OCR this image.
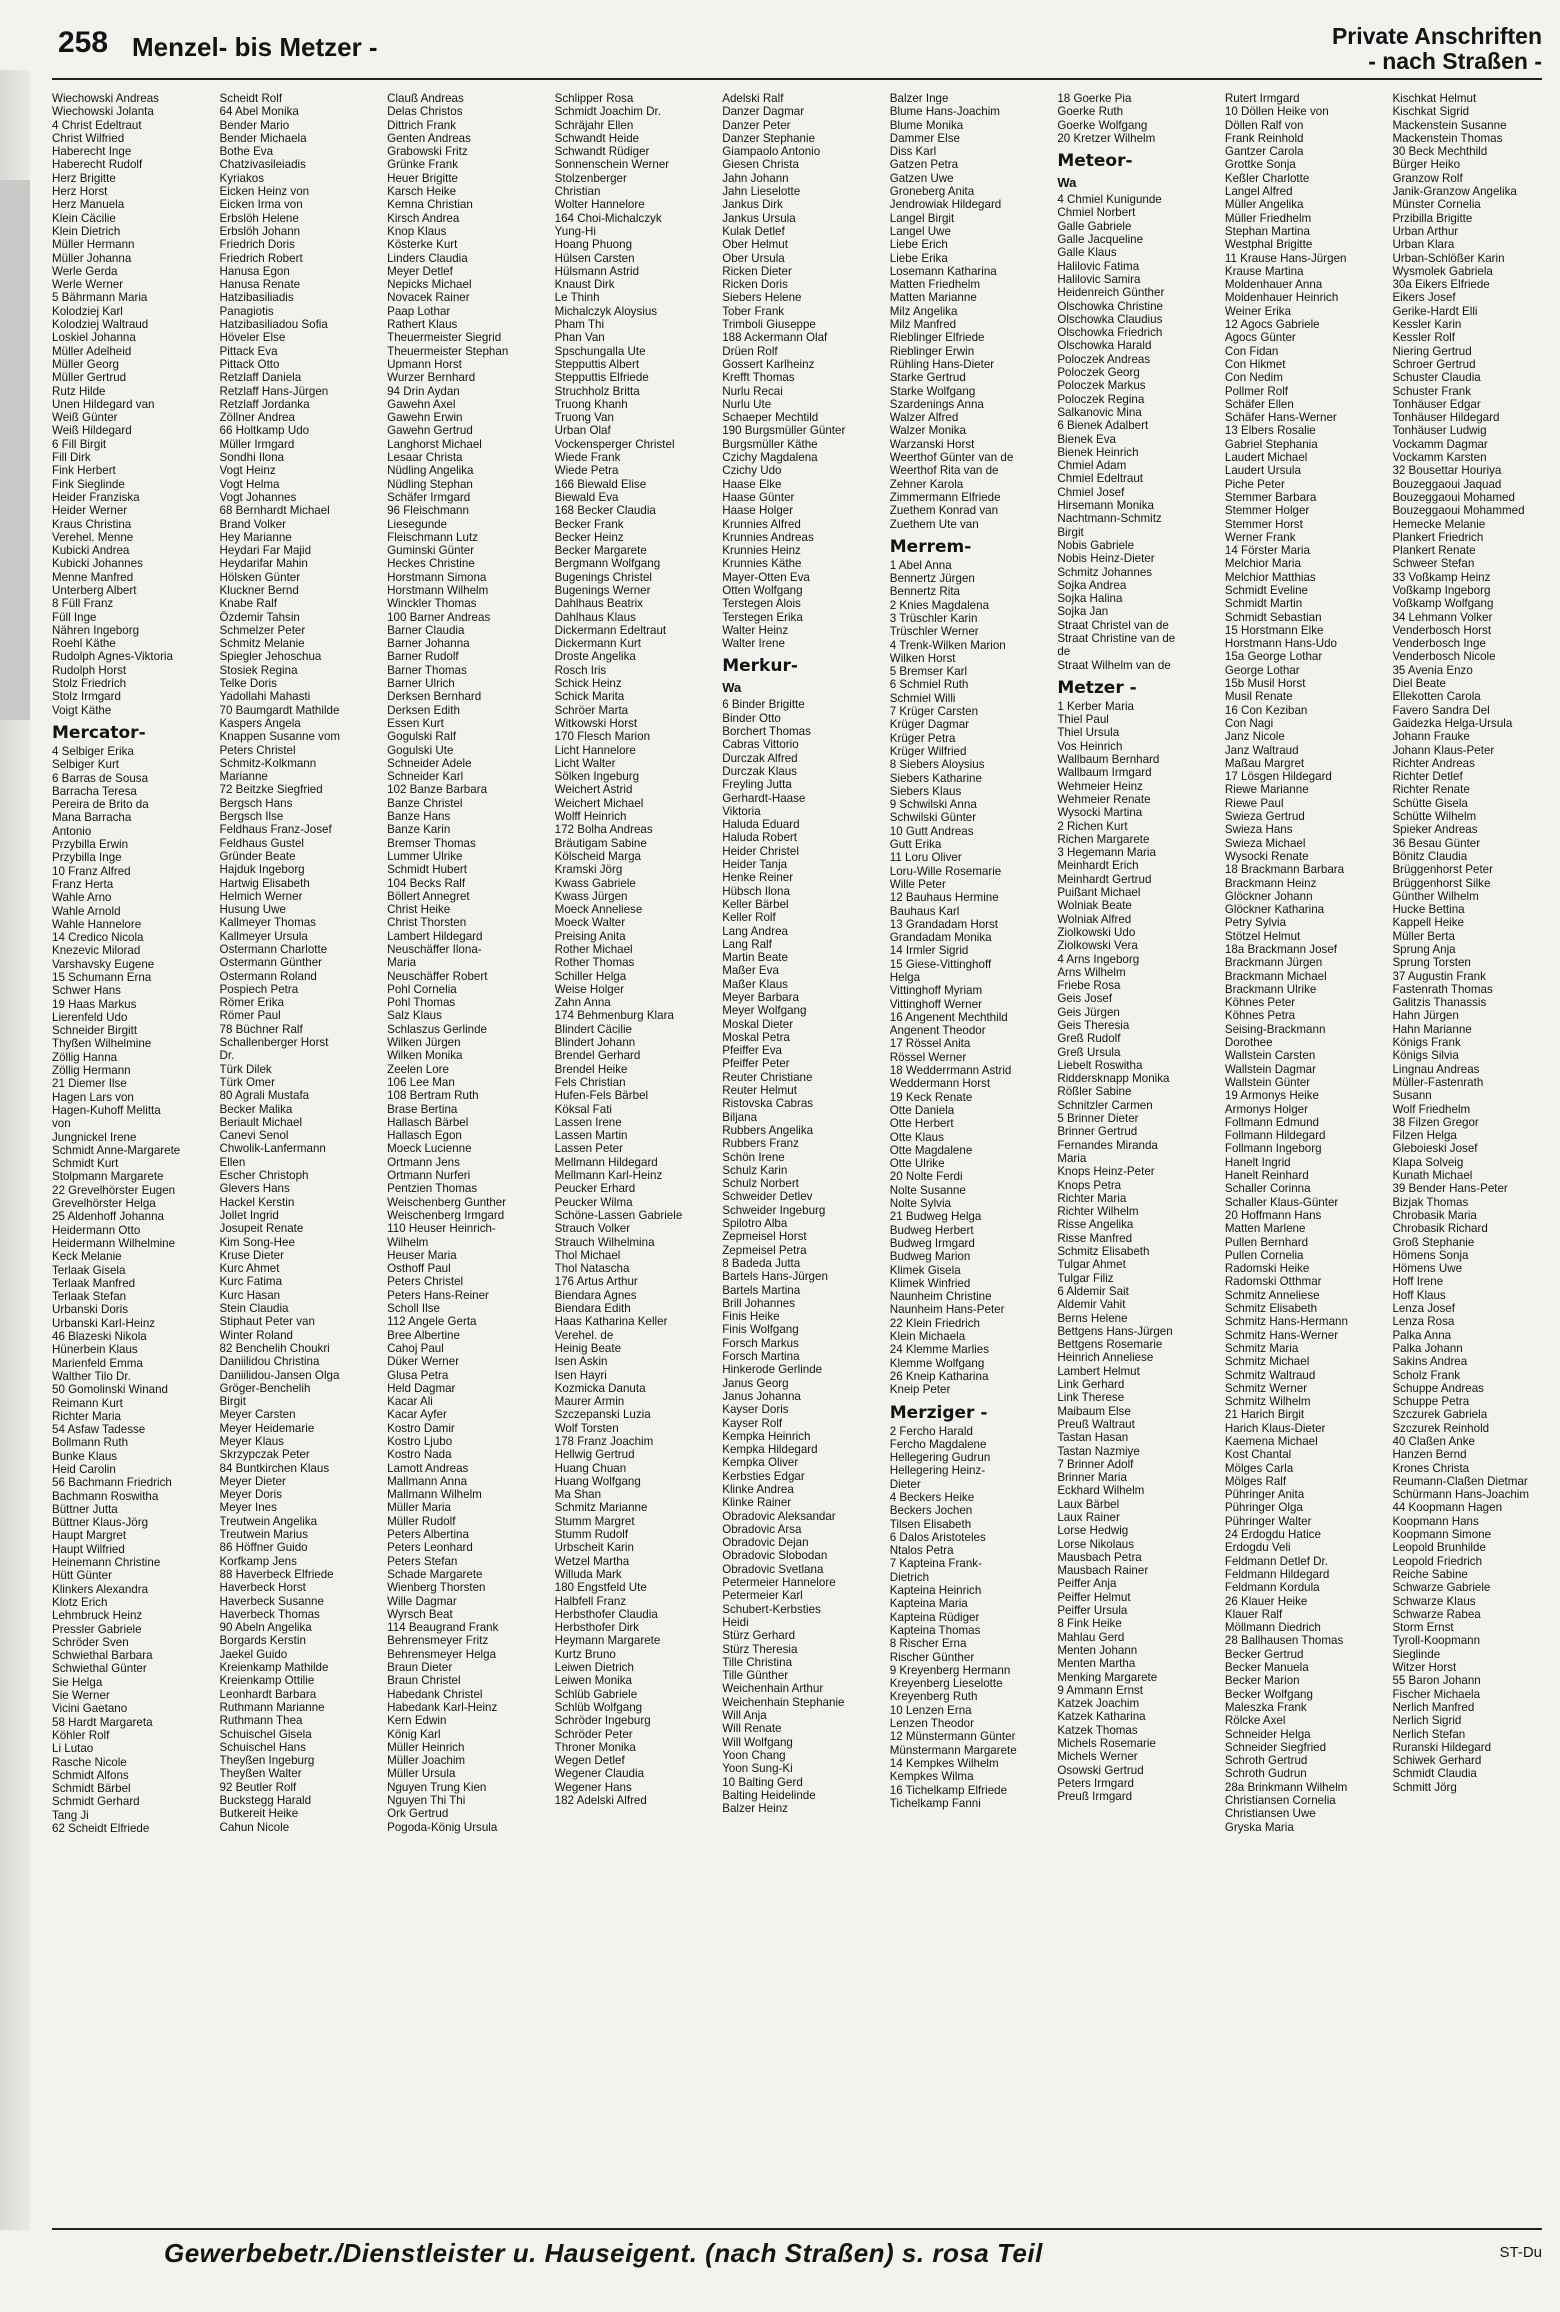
258 Menzel- bis Metzer -	Private Anschriften
- nach Straßen -
Wiechowski Andreas
Wiechowski Jolanta
4 Christ Edeltraut
Christ Wilfried
Haberecht Inge
Haberecht Rudolf
Herz Brigitte
Herz Horst
Herz Manuela
Klein Cäcilie
Klein Dietrich
Müller Hermann
Müller Johanna
Werle Gerda
Werle Werner
5 Bährmann Maria
Kolodziej Karl
Kolodziej Waltraud
Loskiel Johanna
Müller Adelheid
Müller Georg
Müller Gertrud
Rutz Hilde
Unen Hildegard van
Weiß Günter
Weiß Hildegard
6 Fill Birgit
Fill Dirk
Fink Herbert
Fink Sieglinde
Heider Franziska
Heider Werner
Kraus Christina
Verehel. Menne
Kubicki Andrea
Kubicki Johannes
Menne Manfred
Unterberg Albert
8 Füll Franz
Füll Inge
Nähren Ingeborg
Roehl Käthe
Rudolph Agnes-Viktoria
Rudolph Horst
Stolz Friedrich
Stolz Irmgard
Voigt Käthe
Mercator-
4 Selbiger Erika
Selbiger Kurt
6 Barras de Sousa
Barracha Teresa
Pereira de Brito da
Mana Barracha
Antonio
Przybilla Erwin
Przybilla Inge
10 Franz Alfred
Franz Herta
Wahle Arno
Wahle Arnold
Wahle Hannelore
14 Credico Nicola
Knezevic Milorad
Varshavsky Eugene
15 Schumann Erna
Schwer Hans
19 Haas Markus
Lierenfeld Udo
Schneider Birgitt
Thyßen Wilhelmine
Zöllig Hanna
Zöllig Hermann
21 Diemer Ilse
Hagen Lars von
Hagen-Kuhoff Melitta
von
Jungnickel Irene
Schmidt Anne-Margarete
Schmidt Kurt
Stolpmann Margarete
22 Grevelhörster Eugen
Grevelhörster Helga
25 Aldenhoff Johanna
Heidermann Otto
Heidermann Wilhelmine
Keck Melanie
Terlaak Gisela
Terlaak Manfred
Terlaak Stefan
Urbanski Doris
Urbanski Karl-Heinz
46 Blazeski Nikola
Hünerbein Klaus
Marienfeld Emma
Walther Tilo Dr.
50 Gomolinski Winand
Reimann Kurt
Richter Maria
54 Asfaw Tadesse
Bollmann Ruth
Bunke Klaus
Heid Carolin
56 Bachmann Friedrich
Bachmann Roswitha
Büttner Jutta
Büttner Klaus-Jörg
Haupt Margret
Haupt Wilfried
Heinemann Christine
Hütt Günter
Klinkers Alexandra
Klotz Erich
Lehmbruck Heinz
Pressler Gabriele
Schröder Sven
Schwiethal Barbara
Schwiethal Günter
Sie Helga
Sie Werner
Vicini Gaetano
58 Hardt Margareta
Köhler Rolf
Li Lutao
Rasche Nicole
Schmidt Alfons
Schmidt Bärbel
Schmidt Gerhard
Tang Ji
62 Scheidt Elfriede
Scheidt Rolf
64 Abel Monika
Bender Mario
Bender Michaela
Bothe Eva
Chatzivasileiadis
Kyriakos
Eicken Heinz von
Eicken Irma von
Erbslöh Helene
Erbslöh Johann
Friedrich Doris
Friedrich Robert
Hanusa Egon
Hanusa Renate
Hatzibasiliadis
Panagiotis
Hatzibasiliadou Sofia
Höveler Else
Pittack Eva
Pittack Otto
Retzlaff Daniela
Retzlaff Hans-Jürgen
Retzlaff Jordanka
Zöllner Andrea
66 Holtkamp Udo
Müller Irmgard
Sondhi Ilona
Vogt Heinz
Vogt Helma
Vogt Johannes
68 Bernhardt Michael
Brand Volker
Hey Marianne
Heydari Far Majid
Heydarifar Mahin
Hölsken Günter
Kluckner Bernd
Knabe Ralf
Özdemir Tahsin
Schmelzer Peter
Schmitz Melanie
Spiegler Jehoschua
Stosiek Regina
Telke Doris
Yadollahi Mahasti
70 Baumgardt Mathilde
Kaspers Angela
Knappen Susanne vom
Peters Christel
Schmitz-Kolkmann
Marianne
72 Beitzke Siegfried
Bergsch Hans
Bergsch Ilse
Feldhaus Franz-Josef
Feldhaus Gustel
Gründer Beate
Hajduk Ingeborg
Hartwig Elisabeth
Helmich Werner
Husung Uwe
Kallmeyer Thomas
Kallmeyer Ursula
Ostermann Charlotte
Ostermann Günther
Ostermann Roland
Pospiech Petra
Römer Erika
Römer Paul
78 Büchner Ralf
Schallenberger Horst
Dr.
Türk Dilek
Türk Omer
80 Agrali Mustafa
Becker Malika
Beriault Michael
Canevi Senol
Chwolik-Lanfermann
Ellen
Escher Christoph
Glevers Hans
Hackel Kerstin
Jollet Ingrid
Josupeit Renate
Kim Song-Hee
Kruse Dieter
Kurc Ahmet
Kurc Fatima
Kurc Hasan
Stein Claudia
Stiphaut Peter van
Winter Roland
82 Benchelih Choukri
Daniilidou Christina
Daniilidou-Jansen Olga
Gröger-Benchelih
Birgit
Meyer Carsten
Meyer Heidemarie
Meyer Klaus
Skrzypczak Peter
84 Buntkirchen Klaus
Meyer Dieter
Meyer Doris
Meyer Ines
Treutwein Angelika
Treutwein Marius
86 Höffner Guido
Korfkamp Jens
88 Haverbeck Elfriede
Haverbeck Horst
Haverbeck Susanne
Haverbeck Thomas
90 Abeln Angelika
Borgards Kerstin
Jaekel Guido
Kreienkamp Mathilde
Kreienkamp Ottilie
Leonhardt Barbara
Ruthmann Marianne
Ruthmann Thea
Schuischel Gisela
Schuischel Hans
Theyßen Ingeburg
Theyßen Walter
92 Beutler Rolf
Buckstegg Harald
Butkereit Heike
Cahun Nicole
Clauß Andreas
Delas Christos
Dittrich Frank
Genten Andreas
Grabowski Fritz
Grünke Frank
Heuer Brigitte
Karsch Heike
Kemna Christian
Kirsch Andrea
Knop Klaus
Kösterke Kurt
Linders Claudia
Meyer Detlef
Nepicks Michael
Novacek Rainer
Paap Lothar
Rathert Klaus
Theuermeister Siegrid
Theuermeister Stephan
Upmann Horst
Wurzer Bernhard
94 Drin Aydan
Gawehn Axel
Gawehn Erwin
Gawehn Gertrud
Langhorst Michael
Lesaar Christa
Nüdling Angelika
Nüdling Stephan
Schäfer Irmgard
96 Fleischmann
Liesegunde
Fleischmann Lutz
Guminski Günter
Heckes Christine
Horstmann Simona
Horstmann Wilhelm
Winckler Thomas
100 Barner Andreas
Barner Claudia
Barner Johanna
Barner Rudolf
Barner Thomas
Barner Ulrich
Derksen Bernhard
Derksen Edith
Essen Kurt
Gogulski Ralf
Gogulski Ute
Schneider Adele
Schneider Karl
102 Banze Barbara
Banze Christel
Banze Hans
Banze Karin
Bremser Thomas
Lummer Ulrike
Schmidt Hubert
104 Becks Ralf
Böllert Annegret
Christ Heike
Christ Thorsten
Lambert Hildegard
Neuschäffer Ilona-
Maria
Neuschäffer Robert
Pohl Cornelia
Pohl Thomas
Salz Klaus
Schlaszus Gerlinde
Wilken Jürgen
Wilken Monika
Zeelen Lore
106 Lee Man
108 Bertram Ruth
Brase Bertina
Hallasch Bärbel
Hallasch Egon
Moeck Lucienne
Ortmann Jens
Ortmann Nurferi
Pentzien Thomas
Weischenberg Gunther
Weischenberg Irmgard
110 Heuser Heinrich-
Wilhelm
Heuser Maria
Osthoff Paul
Peters Christel
Peters Hans-Reiner
Scholl Ilse
112 Angele Gerta
Bree Albertine
Cahoj Paul
Düker Werner
Glusa Petra
Held Dagmar
Kacar Ali
Kacar Ayfer
Kostro Damir
Kostro Ljubo
Kostro Nada
Lamott Andreas
Mallmann Anna
Mallmann Wilhelm
Müller Maria
Müller Rudolf
Peters Albertina
Peters Leonhard
Peters Stefan
Schade Margarete
Wienberg Thorsten
Wille Dagmar
Wyrsch Beat
114 Beaugrand Frank
Behrensmeyer Fritz
Behrensmeyer Helga
Braun Dieter
Braun Christel
Habedank Christel
Habedank Karl-Heinz
Kern Edwin
König Karl
Müller Heinrich
Müller Joachim
Müller Ursula
Nguyen Trung Kien
Nguyen Thi Thi
Ork Gertrud
Pogoda-König Ursula
Schlipper Rosa
Schmidt Joachim Dr.
Schräjahr Ellen
Schwandt Heide
Schwandt Rüdiger
Sonnenschein Werner
Stolzenberger
Christian
Wolter Hannelore
164 Choi-Michalczyk
Yung-Hi
Hoang Phuong
Hülsen Carsten
Hülsmann Astrid
Knaust Dirk
Le Thinh
Michalczyk Aloysius
Pham Thi
Phan Van
Spschungalla Ute
Stepputtis Albert
Stepputtis Elfriede
Struchholz Britta
Truong Khanh
Truong Van
Urban Olaf
Vockensperger Christel
Wiede Frank
Wiede Petra
166 Biewald Elise
Biewald Eva
168 Becker Claudia
Becker Frank
Becker Heinz
Becker Margarete
Bergmann Wolfgang
Bugenings Christel
Bugenings Werner
Dahlhaus Beatrix
Dahlhaus Klaus
Dickermann Edeltraut
Dickermann Kurt
Droste Angelika
Rosch Iris
Schick Heinz
Schick Marita
Schröer Marta
Witkowski Horst
170 Flesch Marion
Licht Hannelore
Licht Walter
Sölken Ingeburg
Weichert Astrid
Weichert Michael
Wolff Heinrich
172 Bolha Andreas
Bräutigam Sabine
Kölscheid Marga
Kramski Jörg
Kwass Gabriele
Kwass Jürgen
Moeck Anneliese
Moeck Walter
Preising Anita
Rother Michael
Rother Thomas
Schiller Helga
Weise Holger
Zahn Anna
174 Behmenburg Klara
Blindert Cäcilie
Blindert Johann
Brendel Gerhard
Brendel Heike
Fels Christian
Hufen-Fels Bärbel
Köksal Fati
Lassen Irene
Lassen Martin
Lassen Peter
Mellmann Hildegard
Mellmann Karl-Heinz
Peucker Erhard
Peucker Wilma
Schöne-Lassen Gabriele
Strauch Volker
Strauch Wilhelmina
Thol Michael
Thol Natascha
176 Artus Arthur
Biendara Agnes
Biendara Edith
Haas Katharina Keller
Verehel. de
Heinig Beate
Isen Askin
Isen Hayri
Kozmicka Danuta
Maurer Armin
Szczepanski Luzia
Wolf Torsten
178 Franz Joachim
Hellwig Gertrud
Huang Chuan
Huang Wolfgang
Ma Shan
Schmitz Marianne
Stumm Margret
Stumm Rudolf
Urbscheit Karin
Wetzel Martha
Willuda Mark
180 Engstfeld Ute
Halbfell Franz
Herbsthofer Claudia
Herbsthofer Dirk
Heymann Margarete
Kurtz Bruno
Leiwen Dietrich
Leiwen Monika
Schlüb Gabriele
Schlüb Wolfgang
Schröder Ingeburg
Schröder Peter
Throner Monika
Wegen Detlef
Wegener Claudia
Wegener Hans
182 Adelski Alfred
Adelski Ralf
Danzer Dagmar
Danzer Peter
Danzer Stephanie
Giampaolo Antonio
Giesen Christa
Jahn Johann
Jahn Lieselotte
Jankus Dirk
Jankus Ursula
Kulak Detlef
Ober Helmut
Ober Ursula
Ricken Dieter
Ricken Doris
Siebers Helene
Tober Frank
Trimboli Giuseppe
188 Ackermann Olaf
Drüen Rolf
Gossert Karlheinz
Krefft Thomas
Nurlu Recai
Nurlu Ute
Schaeper Mechtild
190 Burgsmüller Günter
Burgsmüller Käthe
Czichy Magdalena
Czichy Udo
Haase Elke
Haase Günter
Haase Holger
Krunnies Alfred
Krunnies Andreas
Krunnies Heinz
Krunnies Käthe
Mayer-Otten Eva
Otten Wolfgang
Terstegen Alois
Terstegen Erika
Walter Heinz
Walter Irene
Merkur-
Wa
6 Binder Brigitte
Binder Otto
Borchert Thomas
Cabras Vittorio
Durczak Alfred
Durczak Klaus
Freyling Jutta
Gerhardt-Haase
Viktoria
Haluda Eduard
Haluda Robert
Heider Christel
Heider Tanja
Henke Reiner
Hübsch Ilona
Keller Bärbel
Keller Rolf
Lang Andrea
Lang Ralf
Martin Beate
Maßer Eva
Maßer Klaus
Meyer Barbara
Meyer Wolfgang
Moskal Dieter
Moskal Petra
Pfeiffer Eva
Pfeiffer Peter
Reuter Christiane
Reuter Helmut
Ristovska Cabras
Biljana
Rubbers Angelika
Rubbers Franz
Schön Irene
Schulz Karin
Schulz Norbert
Schweider Detlev
Schweider Ingeburg
Spilotro Alba
Zepmeisel Horst
Zepmeisel Petra
8 Badeda Jutta
Bartels Hans-Jürgen
Bartels Martina
Brill Johannes
Finis Heike
Finis Wolfgang
Forsch Markus
Forsch Martina
Hinkerode Gerlinde
Janus Georg
Janus Johanna
Kayser Doris
Kayser Rolf
Kempka Heinrich
Kempka Hildegard
Kempka Oliver
Kerbsties Edgar
Klinke Andrea
Klinke Rainer
Obradovic Aleksandar
Obradovic Arsa
Obradovic Dejan
Obradovic Slobodan
Obradovic Svetlana
Petermeier Hannelore
Petermeier Karl
Schubert-Kerbsties
Heidi
Stürz Gerhard
Stürz Theresia
Tille Christina
Tille Günther
Weichenhain Arthur
Weichenhain Stephanie
Will Anja
Will Renate
Will Wolfgang
Yoon Chang
Yoon Sung-Ki
10 Balting Gerd
Balting Heidelinde
Balzer Heinz
Balzer Inge
Blume Hans-Joachim
Blume Monika
Dammer Else
Diss Karl
Gatzen Petra
Gatzen Uwe
Groneberg Anita
Jendrowiak Hildegard
Langel Birgit
Langel Uwe
Liebe Erich
Liebe Erika
Losemann Katharina
Matten Friedhelm
Matten Marianne
Milz Angelika
Milz Manfred
Rieblinger Elfriede
Rieblinger Erwin
Rühling Hans-Dieter
Starke Gertrud
Starke Wolfgang
Szardenings Anna
Walzer Alfred
Walzer Monika
Warzanski Horst
Weerthof Günter van de
Weerthof Rita van de
Zehner Karola
Zimmermann Elfriede
Zuethem Konrad van
Zuethem Ute van
Merrem-
1 Abel Anna
Bennertz Jürgen
Bennertz Rita
2 Knies Magdalena
3 Trüschler Karin
Trüschler Werner
4 Trenk-Wilken Marion
Wilken Horst
5 Bremser Karl
6 Schmiel Ruth
Schmiel Willi
7 Krüger Carsten
Krüger Dagmar
Krüger Petra
Krüger Wilfried
8 Siebers Aloysius
Siebers Katharine
Siebers Klaus
9 Schwilski Anna
Schwilski Günter
10 Gutt Andreas
Gutt Erika
11 Loru Oliver
Loru-Wille Rosemarie
Wille Peter
12 Bauhaus Hermine
Bauhaus Karl
13 Grandadam Horst
Grandadam Monika
14 Irmler Sigrid
15 Giese-Vittinghoff
Helga
Vittinghoff Myriam
Vittinghoff Werner
16 Angenent Mechthild
Angenent Theodor
17 Rössel Anita
Rössel Werner
18 Wedderrmann Astrid
Weddermann Horst
19 Keck Renate
Otte Daniela
Otte Herbert
Otte Klaus
Otte Magdalene
Otte Ulrike
20 Nolte Ferdi
Nolte Susanne
Nolte Sylvia
21 Budweg Helga
Budweg Herbert
Budweg Irmgard
Budweg Marion
Klimek Gisela
Klimek Winfried
Naunheim Christine
Naunheim Hans-Peter
22 Klein Friedrich
Klein Michaela
24 Klemme Marlies
Klemme Wolfgang
26 Kneip Katharina
Kneip Peter
Merziger -
2 Fercho Harald
Fercho Magdalene
Hellegering Gudrun
Hellegering Heinz-
Dieter
4 Beckers Heike
Beckers Jochen
Tilsen Elisabeth
6 Dalos Aristoteles
Ntalos Petra
7 Kapteina Frank-
Dietrich
Kapteina Heinrich
Kapteina Maria
Kapteina Rüdiger
Kapteina Thomas
8 Rischer Erna
Rischer Günther
9 Kreyenberg Hermann
Kreyenberg Lieselotte
Kreyenberg Ruth
10 Lenzen Erna
Lenzen Theodor
12 Münstermann Günter
Münstermann Margarete
14 Kempkes Wilhelm
Kempkes Wilma
16 Tichelkamp Elfriede
Tichelkamp Fanni
18 Goerke Pia
Goerke Ruth
Goerke Wolfgang
20 Kretzer Wilhelm
Meteor-
Wa
4 Chmiel Kunigunde
Chmiel Norbert
Galle Gabriele
Galle Jacqueline
Galle Klaus
Halilovic Fatima
Halilovic Samira
Heidenreich Günther
Olschowka Christine
Olschowka Claudius
Olschowka Friedrich
Olschowka Harald
Poloczek Andreas
Poloczek Georg
Poloczek Markus
Poloczek Regina
Salkanovic Mina
6 Bienek Adalbert
Bienek Eva
Bienek Heinrich
Chmiel Adam
Chmiel Edeltraut
Chmiel Josef
Hirsemann Monika
Nachtmann-Schmitz
Birgit
Nobis Gabriele
Nobis Heinz-Dieter
Schmitz Johannes
Sojka Andrea
Sojka Halina
Sojka Jan
Straat Christel van de
Straat Christine van de
de
Straat Wilhelm van de
Metzer -
1 Kerber Maria
Thiel Paul
Thiel Ursula
Vos Heinrich
Wallbaum Bernhard
Wallbaum Irmgard
Wehmeier Heinz
Wehmeier Renate
Wysocki Martina
2 Richen Kurt
Richen Margarete
3 Hegemann Maria
Meinhardt Erich
Meinhardt Gertrud
Puißant Michael
Wolniak Beate
Wolniak Alfred
Ziolkowski Udo
Ziolkowski Vera
4 Arns Ingeborg
Arns Wilhelm
Friebe Rosa
Geis Josef
Geis Jürgen
Geis Theresia
Greß Rudolf
Greß Ursula
Liebelt Roswitha
Riddersknapp Monika
Rößler Sabine
Schnitzler Carmen
5 Brinner Dieter
Brinner Gertrud
Fernandes Miranda
Maria
Knops Heinz-Peter
Knops Petra
Richter Maria
Richter Wilhelm
Risse Angelika
Risse Manfred
Schmitz Elisabeth
Tulgar Ahmet
Tulgar Filiz
6 Aldemir Sait
Aldemir Vahit
Berns Helene
Bettgens Hans-Jürgen
Bettgens Rosemarie
Heinrich Anneliese
Lambert Helmut
Link Gerhard
Link Therese
Maibaum Else
Preuß Waltraut
Tastan Hasan
Tastan Nazmiye
7 Brinner Adolf
Brinner Maria
Eckhard Wilhelm
Laux Bärbel
Laux Rainer
Lorse Hedwig
Lorse Nikolaus
Mausbach Petra
Mausbach Rainer
Peiffer Anja
Peiffer Helmut
Peiffer Ursula
8 Fink Heike
Mahlau Gerd
Menten Johann
Menten Martha
Menking Margarete
9 Ammann Ernst
Katzek Joachim
Katzek Katharina
Katzek Thomas
Michels Rosemarie
Michels Werner
Osowski Gertrud
Peters Irmgard
Preuß Irmgard
Rutert Irmgard
10 Döllen Heike von
Döllen Ralf von
Frank Reinhold
Gantzer Carola
Grottke Sonja
Keßler Charlotte
Langel Alfred
Müller Angelika
Müller Friedhelm
Stephan Martina
Westphal Brigitte
11 Krause Hans-Jürgen
Krause Martina
Moldenhauer Anna
Moldenhauer Heinrich
Weiner Erika
12 Agocs Gabriele
Agocs Günter
Con Fidan
Con Hikmet
Con Nedim
Pollmer Rolf
Schäfer Ellen
Schäfer Hans-Werner
13 Elbers Rosalie
Gabriel Stephania
Laudert Michael
Laudert Ursula
Piche Peter
Stemmer Barbara
Stemmer Holger
Stemmer Horst
Werner Frank
14 Förster Maria
Melchior Maria
Melchior Matthias
Schmidt Eveline
Schmidt Martin
Schmidt Sebastian
15 Horstmann Elke
Horstmann Hans-Udo
15a George Lothar
George Lothar
15b Musil Horst
Musil Renate
16 Con Keziban
Con Nagi
Janz Nicole
Janz Waltraud
Maßau Margret
17 Lösgen Hildegard
Riewe Marianne
Riewe Paul
Swieza Gertrud
Swieza Hans
Swieza Michael
Wysocki Renate
18 Brackmann Barbara
Brackmann Heinz
Glöckner Johann
Glöckner Katharina
Petry Sylvia
Stötzel Helmut
18a Brackmann Josef
Brackmann Jürgen
Brackmann Michael
Brackmann Ulrike
Köhnes Peter
Köhnes Petra
Seising-Brackmann
Dorothee
Wallstein Carsten
Wallstein Dagmar
Wallstein Günter
19 Armonys Heike
Armonys Holger
Follmann Edmund
Follmann Hildegard
Follmann Ingeborg
Hanelt Ingrid
Hanelt Reinhard
Schaller Corinna
Schaller Klaus-Günter
20 Hoffmann Hans
Matten Marlene
Pullen Bernhard
Pullen Cornelia
Radomski Heike
Radomski Otthmar
Schmitz Anneliese
Schmitz Elisabeth
Schmitz Hans-Hermann
Schmitz Hans-Werner
Schmitz Maria
Schmitz Michael
Schmitz Waltraud
Schmitz Werner
Schmitz Wilhelm
21 Harich Birgit
Harich Klaus-Dieter
Kaemena Michael
Kost Chantal
Mölges Carla
Mölges Ralf
Pühringer Anita
Pühringer Olga
Pühringer Walter
24 Erdogdu Hatice
Erdogdu Veli
Feldmann Detlef Dr.
Feldmann Hildegard
Feldmann Kordula
26 Klauer Heike
Klauer Ralf
Möllmann Diedrich
28 Ballhausen Thomas
Becker Gertrud
Becker Manuela
Becker Marion
Becker Wolfgang
Maleszka Frank
Rölcke Axel
Schneider Helga
Schneider Siegfried
Schroth Gertrud
Schroth Gudrun
28a Brinkmann Wilhelm
Christiansen Cornelia
Christiansen Uwe
Gryska Maria
Kischkat Helmut
Kischkat Sigrid
Mackenstein Susanne
Mackenstein Thomas
30 Beck Mechthild
Bürger Heiko
Granzow Rolf
Janik-Granzow Angelika
Münster Cornelia
Przibilla Brigitte
Urban Arthur
Urban Klara
Urban-Schlößer Karin
Wysmolek Gabriela
30a Eikers Elfriede
Eikers Josef
Gerike-Hardt Elli
Kessler Karin
Kessler Rolf
Niering Gertrud
Schroer Gertrud
Schuster Claudia
Schuster Frank
Tonhäuser Edgar
Tonhäuser Hildegard
Tonhäuser Ludwig
Vockamm Dagmar
Vockamm Karsten
32 Bousettar Houriya
Bouzeggaoui Jaquad
Bouzeggaoui Mohamed
Bouzeggaoui Mohammed
Hemecke Melanie
Plankert Friedrich
Plankert Renate
Schweer Stefan
33 Voßkamp Heinz
Voßkamp Ingeborg
Voßkamp Wolfgang
34 Lehmann Volker
Venderbosch Horst
Venderbosch Inge
Venderbosch Nicole
35 Avenia Enzo
Diel Beate
Ellekotten Carola
Favero Sandra Del
Gaidezka Helga-Ursula
Johann Frauke
Johann Klaus-Peter
Richter Andreas
Richter Detlef
Richter Renate
Schütte Gisela
Schütte Wilhelm
Spieker Andreas
36 Besau Günter
Bönitz Claudia
Brüggenhorst Peter
Brüggenhorst Silke
Günther Wilhelm
Hucke Bettina
Kappell Heike
Müller Berta
Sprung Anja
Sprung Torsten
37 Augustin Frank
Fastenrath Thomas
Galitzis Thanassis
Hahn Jürgen
Hahn Marianne
Königs Frank
Königs Silvia
Lingnau Andreas
Müller-Fastenrath
Susann
Wolf Friedhelm
38 Filzen Gregor
Filzen Helga
Gleboieski Josef
Klapa Solveig
Kunath Michael
39 Bender Hans-Peter
Bizjak Thomas
Chrobasik Maria
Chrobasik Richard
Groß Stephanie
Hömens Sonja
Hömens Uwe
Hoff Irene
Hoff Klaus
Lenza Josef
Lenza Rosa
Palka Anna
Palka Johann
Sakins Andrea
Scholz Frank
Schuppe Andreas
Schuppe Petra
Szczurek Gabriela
Szczurek Reinhold
40 Claßen Anke
Hanzen Bernd
Krones Christa
Reumann-Claßen Dietmar
Schürmann Hans-Joachim
44 Koopmann Hagen
Koopmann Hans
Koopmann Simone
Leopold Brunhilde
Leopold Friedrich
Reiche Sabine
Schwarze Gabriele
Schwarze Klaus
Schwarze Rabea
Storm Ernst
Tyroll-Koopmann
Sieglinde
Witzer Horst
55 Baron Johann
Fischer Michaela
Nerlich Manfred
Nerlich Sigrid
Nerlich Stefan
Ruranski Hildegard
Schiwek Gerhard
Schmidt Claudia
Schmitt Jörg
Gewerbebetr./Dienstleister u. Hauseigent. (nach Straßen) s. rosa Teil	ST-Du
